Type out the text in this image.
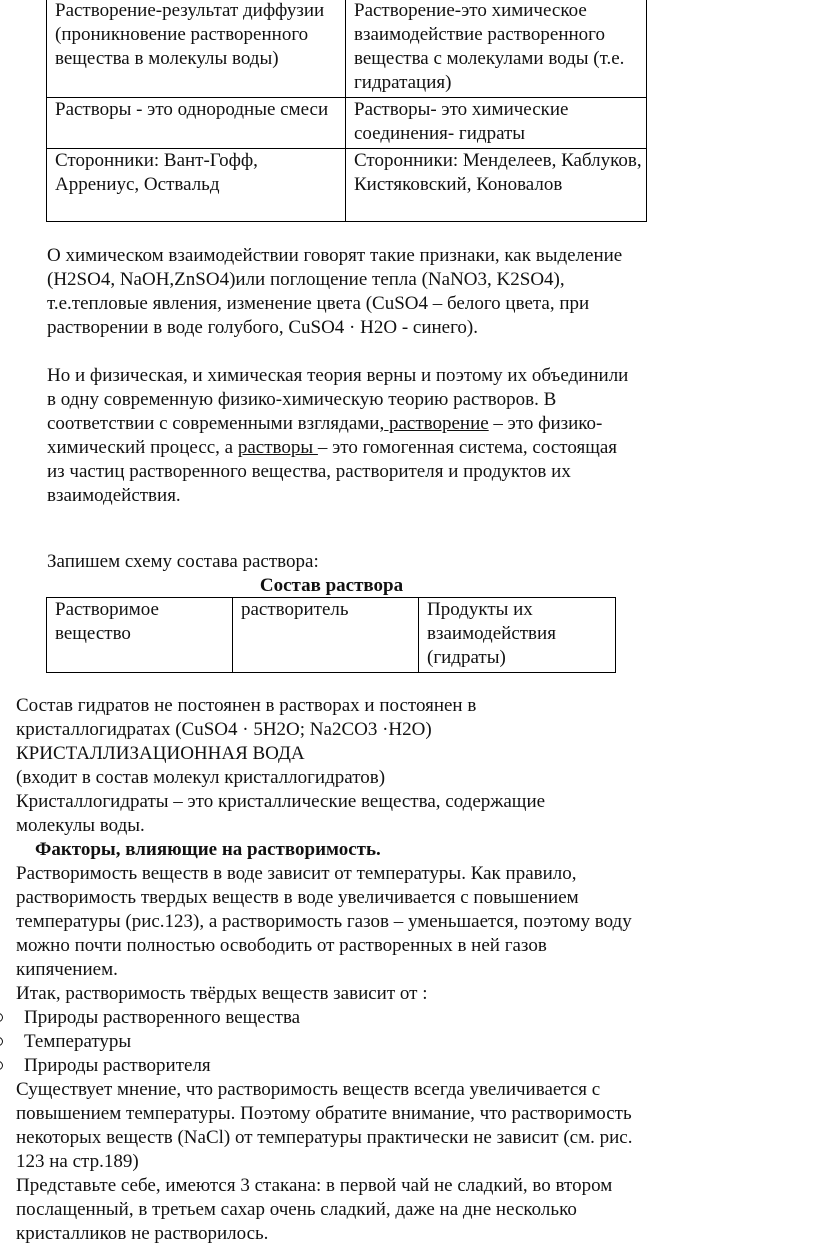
Растворение-результат диффузии (проникновение растворенного вещества в молекулы воды)	Растворение-это химическое взаимодействие растворенного вещества с молекулами воды (т.е. гидратация)
Растворы - это однородные смеси	Растворы- это химические соединения- гидраты
Сторонники: Вант-Гофф, Аррениус, Оствальд	Сторонники: Менделеев, Каблуков, Кистяковский, Коновалов
О химическом взаимодействии говорят такие признаки, как выделение (H2SO4, NaOH,ZnSO4)или поглощение тепла (NaNO3, K2SO4), т.е.тепловые явления, изменение цвета (CuSO4 – белого цвета, при растворении в воде голубого, CuSO4 · H2O - синего).
Но и физическая, и химическая теория верны и поэтому их объединили в одну современную физико-химическую теорию растворов. В соответствии с современными взглядами, растворение – это физико-химический процесс, а растворы – это гомогенная система, состоящая из частиц растворенного вещества, растворителя и продуктов их взаимодействия.
Запишем схему состава раствора:
Состав раствора
Растворимое вещество	растворитель	Продукты их взаимодействия (гидраты)
Состав гидратов не постоянен в растворах и постоянен в кристаллогидратах (CuSO4 · 5H2O; Na2CO3 ·H2O)
КРИСТАЛЛИЗАЦИОННАЯ ВОДА
(входит в состав молекул кристаллогидратов)
Кристаллогидраты – это кристаллические вещества, содержащие молекулы воды.
Факторы, влияющие на растворимость.
Растворимость веществ в воде зависит от температуры. Как правило, растворимость твердых веществ в воде увеличивается с повышением температуры (рис.123), а растворимость газов – уменьшается, поэтому воду можно почти полностью освободить от растворенных в ней газов кипячением.
Итак, растворимость твёрдых веществ зависит от :
Природы растворенного вещества
Температуры
Природы растворителя
Существует мнение, что растворимость веществ всегда увеличивается с повышением температуры. Поэтому обратите внимание, что растворимость некоторых веществ (NaCl) от температуры практически не зависит (см. рис. 123 на стр.189)
Представьте себе, имеются 3 стакана: в первой чай не сладкий, во втором послащенный, в третьем сахар очень сладкий, даже на дне несколько кристалликов не растворилось.
